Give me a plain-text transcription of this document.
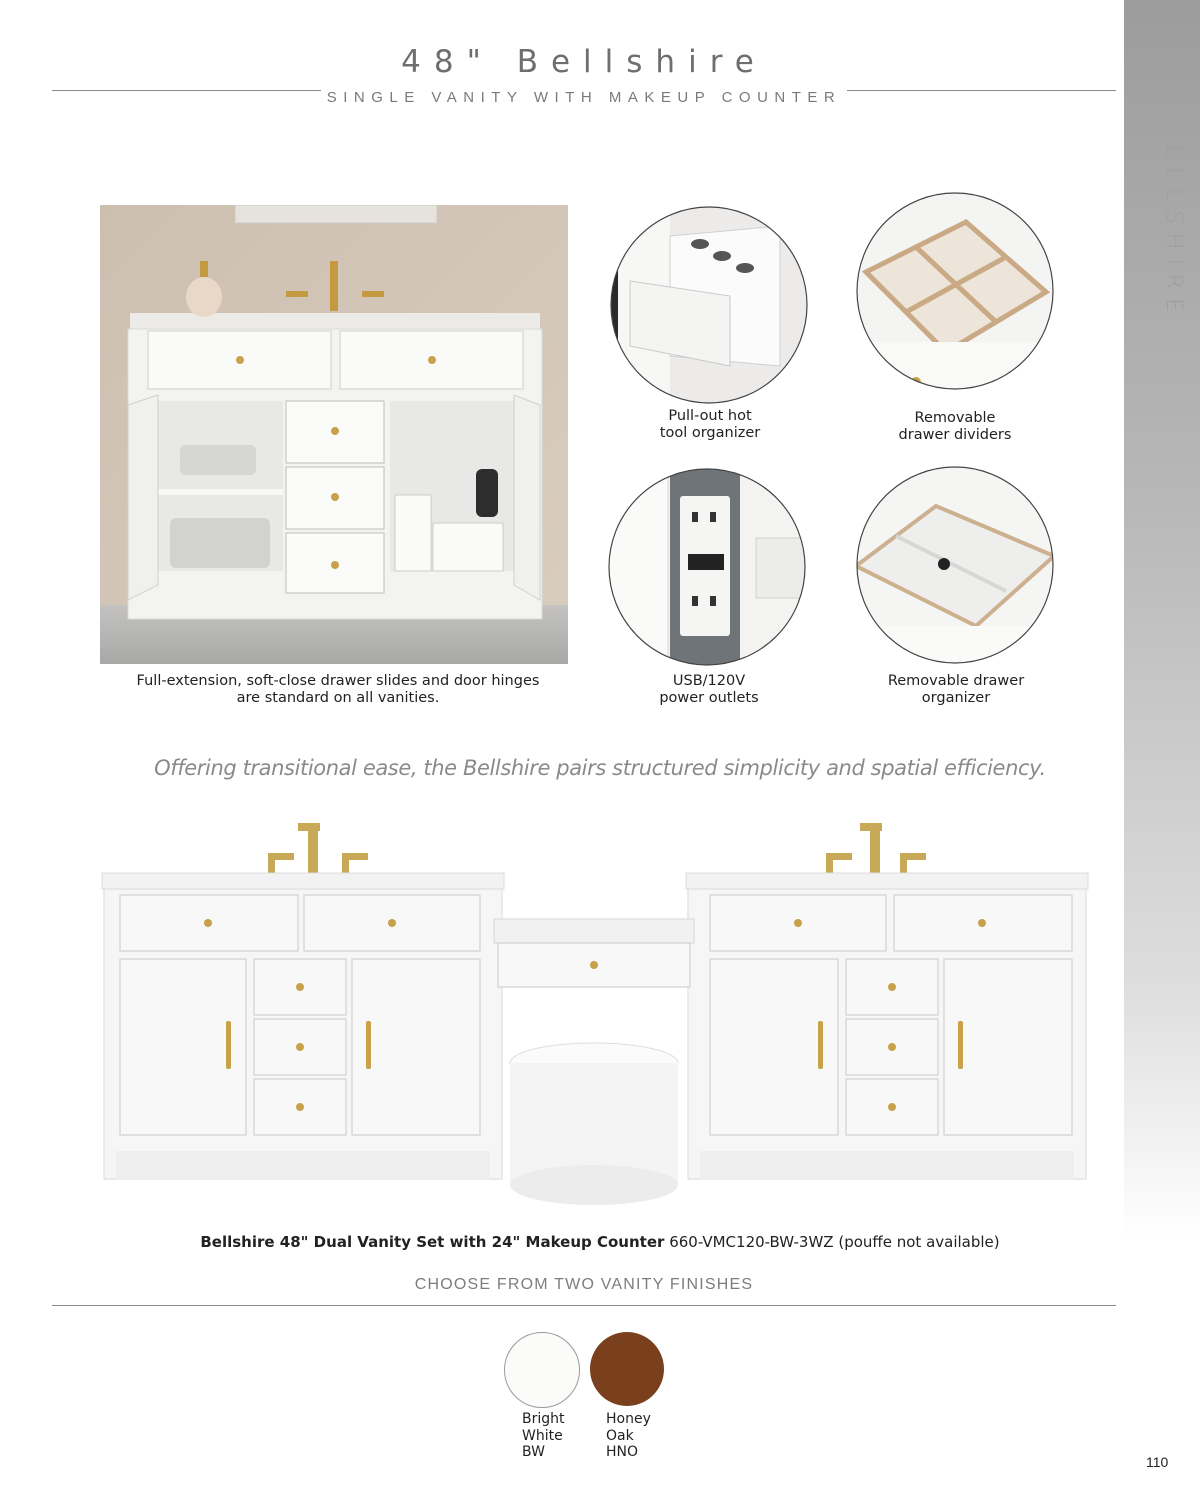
48" BELLSHIRE
48" Bellshire
SINGLE VANITY WITH MAKEUP COUNTER
Full-extension, soft-close drawer slides and door hinges
are standard on all vanities.
Pull-out hot
tool organizer
Removable
drawer dividers
USB/120V
power outlets
Removable drawer
organizer
Offering transitional ease, the Bellshire pairs structured simplicity and spatial efficiency.
Bellshire 48" Dual Vanity Set with 24" Makeup Counter 660-VMC120-BW-3WZ (pouffe not available)
CHOOSE FROM TWO VANITY FINISHES
Bright
White
BW
Honey
Oak
HNO
110
